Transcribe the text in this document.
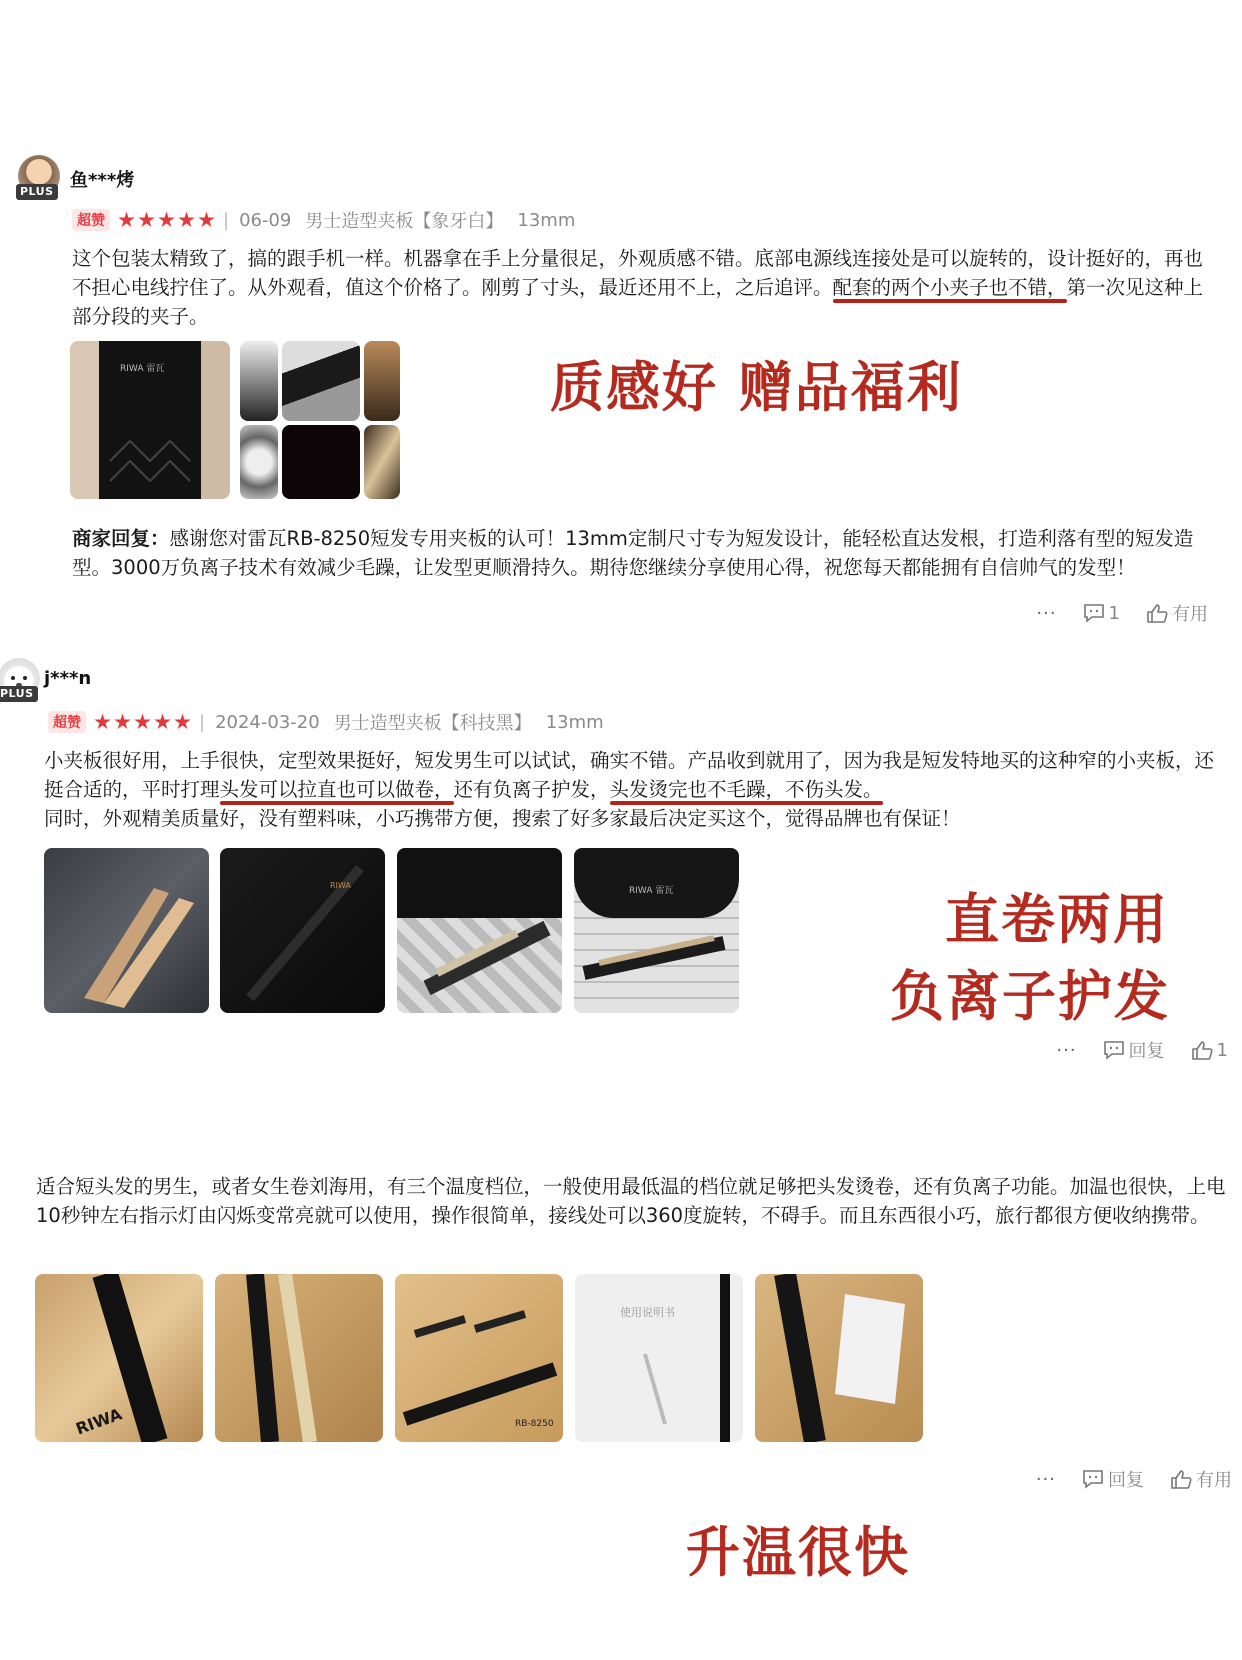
PLUS
鱼***烤
超赞	| 06-09 男士造型夹板【象牙白】 13mm
这个包装太精致了，搞的跟手机一样。机器拿在手上分量很足，外观质感不错。底部电源线连接处是可以旋转的，设计挺好的，再也不担心电线拧住了。从外观看，值这个价格了。刚剪了寸头，最近还用不上，之后追评。配套的两个小夹子也不错，第一次见这种上部分段的夹子。
RIWA 雷瓦	质感好 赠品福利
商家回复：感谢您对雷瓦RB-8250短发专用夹板的认可！13mm定制尺寸专为短发设计，能轻松直达发根，打造利落有型的短发造型。3000万负离子技术有效减少毛躁，让发型更顺滑持久。期待您继续分享使用心得，祝您每天都能拥有自信帅气的发型！
···	1	有用
PLUS
j***n
超赞	| 2024-03-20 男士造型夹板【科技黑】 13mm
小夹板很好用，上手很快，定型效果挺好，短发男生可以试试，确实不错。产品收到就用了，因为我是短发特地买的这种窄的小夹板，还挺合适的，平时打理头发可以拉直也可以做卷，还有负离子护发，头发烫完也不毛躁，不伤头发。
同时，外观精美质量好，没有塑料味，小巧携带方便，搜索了好多家最后决定买这个，觉得品牌也有保证！
RIWA
RIWA 雷瓦	直卷两用
负离子护发
···	回复	1
适合短头发的男生，或者女生卷刘海用，有三个温度档位，一般使用最低温的档位就足够把头发烫卷，还有负离子功能。加温也很快，上电10秒钟左右指示灯由闪烁变常亮就可以使用，操作很简单，接线处可以360度旋转，不碍手。而且东西很小巧，旅行都很方便收纳携带。
RIWA	RB-8250
使用说明书
···	回复	有用
升温很快
